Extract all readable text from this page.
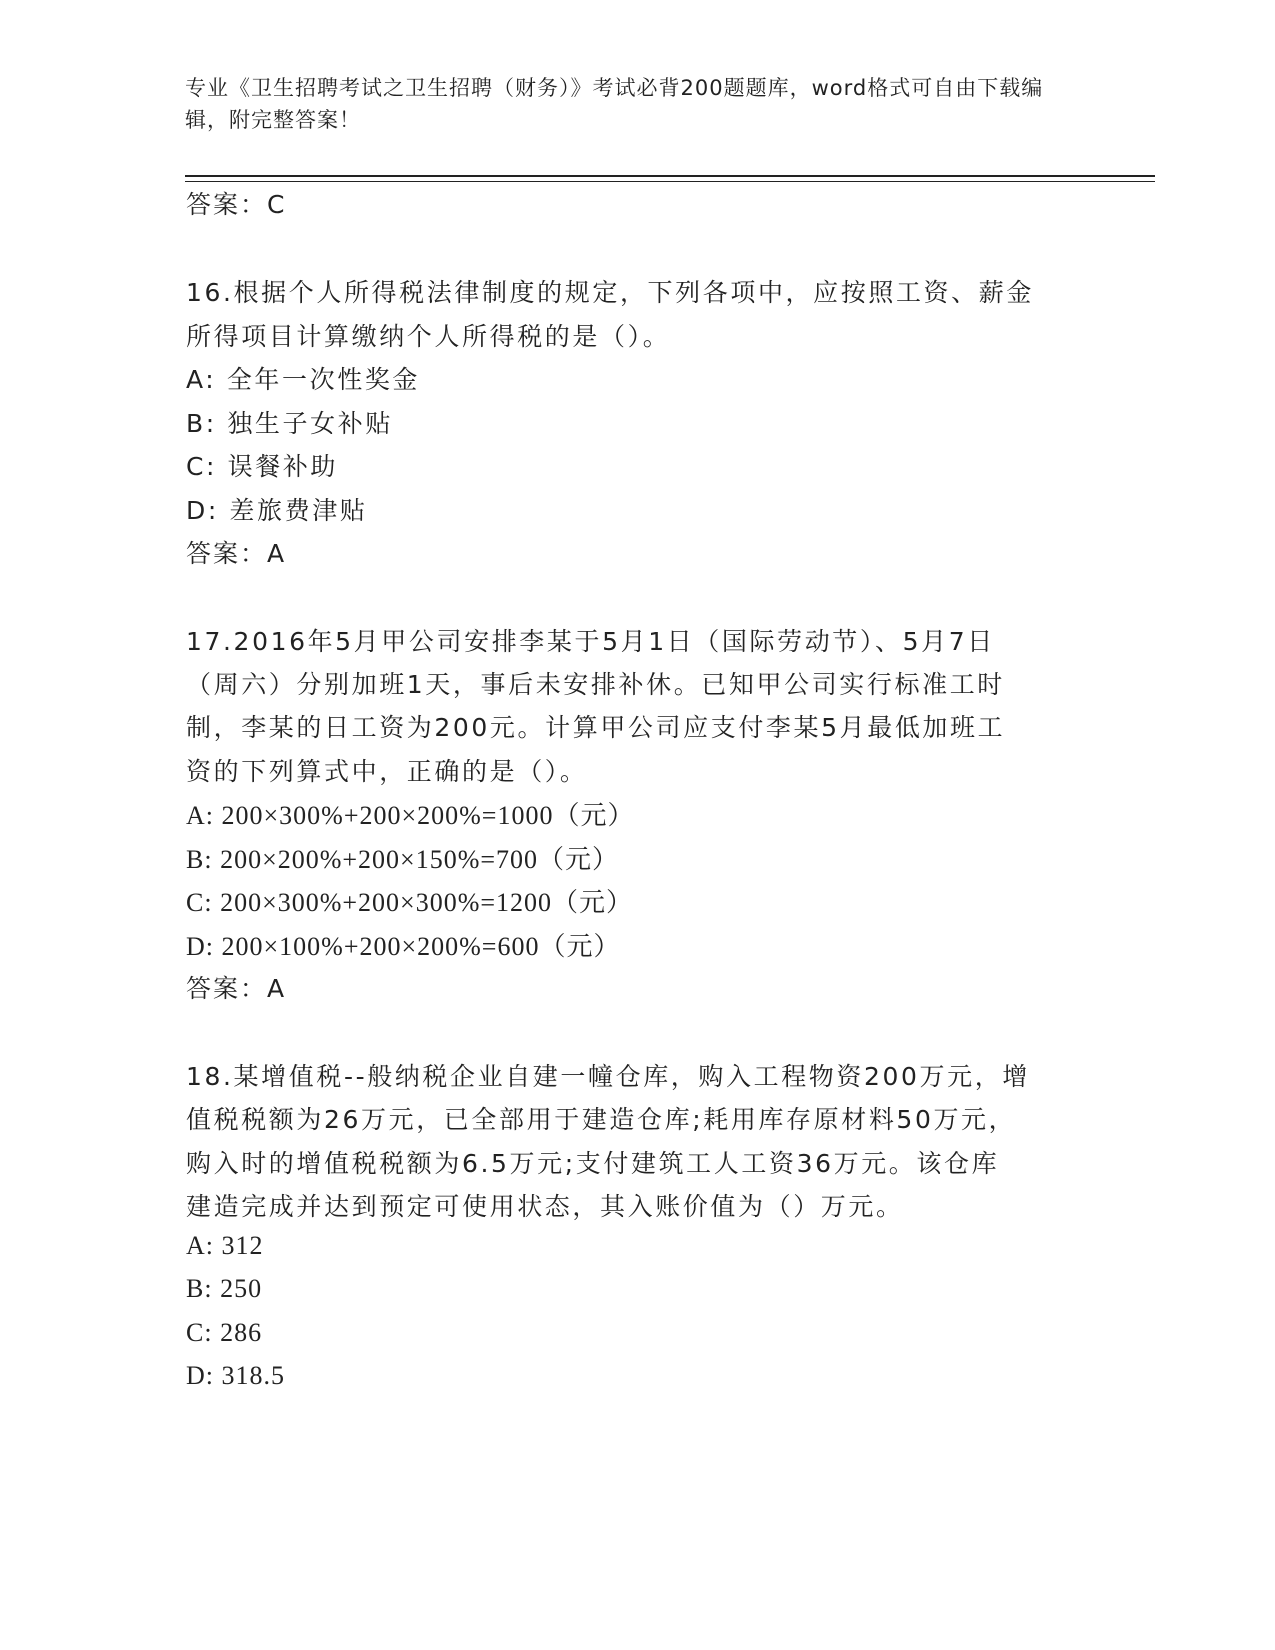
专业《卫生招聘考试之卫生招聘（财务）》考试必背200题题库，word格式可自由下载编辑，附完整答案！
答案：C
16.根据个人所得税法律制度的规定，下列各项中，应按照工资、薪金
所得项目计算缴纳个人所得税的是（）。
A: 全年一次性奖金
B: 独生子女补贴
C: 误餐补助
D: 差旅费津贴
答案：A
17.2016年5月甲公司安排李某于5月1日（国际劳动节）、5月7日
（周六）分别加班1天，事后未安排补休。已知甲公司实行标准工时
制，李某的日工资为200元。计算甲公司应支付李某5月最低加班工
资的下列算式中，正确的是（）。
A: 200×300%+200×200%=1000（元）
B: 200×200%+200×150%=700（元）
C: 200×300%+200×300%=1200（元）
D: 200×100%+200×200%=600（元）
答案：A
18.某增值税--般纳税企业自建一幢仓库，购入工程物资200万元，增
值税税额为26万元，已全部用于建造仓库;耗用库存原材料50万元，
购入时的增值税税额为6.5万元;支付建筑工人工资36万元。该仓库
建造完成并达到预定可使用状态，其入账价值为（）万元。
A: 312
B: 250
C: 286
D: 318.5
